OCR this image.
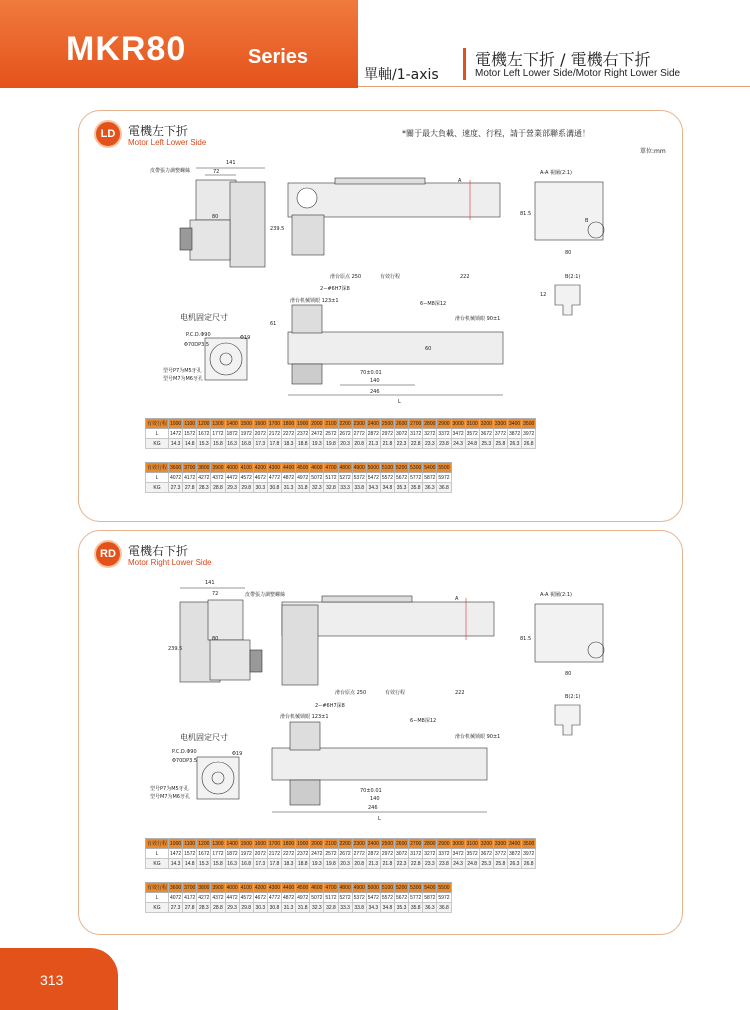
MKR80	Series
單軸/1-axis
電機左下折 / 電機右下折
Motor Left Lower Side/Motor Right Lower Side
LD	電機左下折
Motor Left Lower Side
*關于最大負載、速度、行程，請于營業部聯系溝通！
單位:mm
RD	電機右下折
Motor Right Lower Side
141
72
皮帶張力調整螺絲
80
239.5
A
A-A 視圖(2:1)
81.5
80
B
B(2:1)
12
滑台原点 250	有效行程	222
2−#6H7深8
滑台机械锁眼 123±1	6−M8深12
滑台机械锁眼 90±1
61
60
70±0.01
140
246
L
电机固定尺寸
P.C.D.Φ90
Φ70DP3.5
Φ19
型号P7为M5牙孔
型号M7为M6牙孔
141
72	皮帶張力調整螺絲
80
239.5
A
A-A 視圖(2:1)
81.5
80
B(2:1)
滑台原点 250	有效行程	222
2−#6H7深8
滑台机械锁眼 123±1
6−M8深12
滑台机械锁眼 90±1
70±0.01
140
246
L
电机固定尺寸
P.C.D.Φ90
Φ70DP3.5
Φ19
型号P7为M5牙孔
型号M7为M6牙孔
有效行程	1000	1100	1200	1300	1400	1500	1600	1700	1800	1900	2000	2100	2200	2300	2400	2500	2600	2700	2800	2900	3000	3100	3200	3300	3400	3500
L	1472	1572	1672	1772	1872	1972	2072	2172	2272	2372	2472	2572	2672	2772	2872	2972	3072	3172	3272	3372	3472	3572	3672	3772	3872	3972
KG	14.3	14.8	15.3	15.8	16.3	16.8	17.3	17.8	18.3	18.8	19.3	19.8	20.3	20.8	21.3	21.8	22.3	22.8	23.3	23.8	24.3	24.8	25.3	25.8	26.3	26.8
有效行程	3600	3700	3800	3900	4000	4100	4200	4300	4400	4500	4600	4700	4800	4900	5000	5100	5200	5300	5400	5500
L	4072	4172	4272	4372	4472	4572	4672	4772	4872	4972	5072	5172	5272	5372	5472	5572	5672	5772	5872	5972
KG	27.3	27.8	28.3	28.8	29.3	29.8	30.3	30.8	31.3	31.8	32.3	32.8	33.3	33.8	34.3	34.8	35.3	35.8	36.3	36.8
有效行程	1000	1100	1200	1300	1400	1500	1600	1700	1800	1900	2000	2100	2200	2300	2400	2500	2600	2700	2800	2900	3000	3100	3200	3300	3400	3500
L	1472	1572	1672	1772	1872	1972	2072	2172	2272	2372	2472	2572	2672	2772	2872	2972	3072	3172	3272	3372	3472	3572	3672	3772	3872	3972
KG	14.3	14.8	15.3	15.8	16.3	16.8	17.3	17.8	18.3	18.8	19.3	19.8	20.3	20.8	21.3	21.8	22.3	22.8	23.3	23.8	24.3	24.8	25.3	25.8	26.3	26.8
有效行程	3600	3700	3800	3900	4000	4100	4200	4300	4400	4500	4600	4700	4800	4900	5000	5100	5200	5300	5400	5500
L	4072	4172	4272	4372	4472	4572	4672	4772	4872	4972	5072	5172	5272	5372	5472	5572	5672	5772	5872	5972
KG	27.3	27.8	28.3	28.8	29.3	29.8	30.3	30.8	31.3	31.8	32.3	32.8	33.3	33.8	34.3	34.8	35.3	35.8	36.3	36.8
313
